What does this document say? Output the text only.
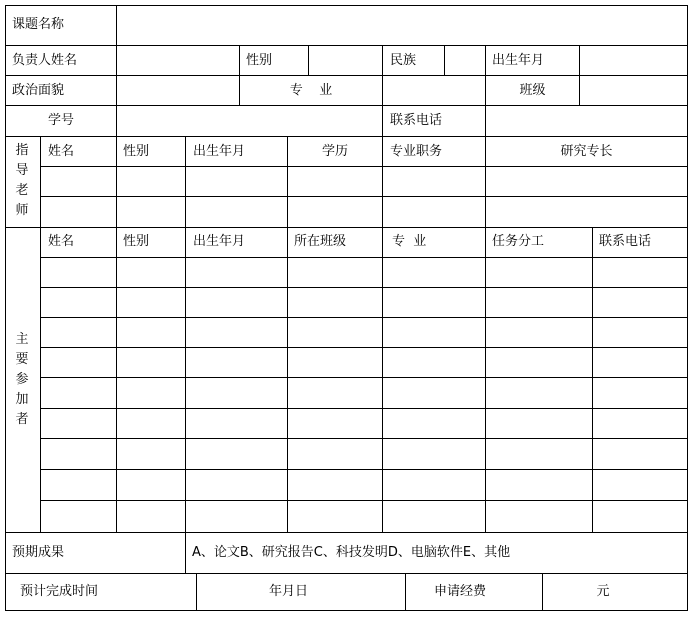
课题名称
负责人姓名	性别	民族	出生年月
政治面貌	专    业	班级
学号	联系电话
指导老师
姓名	性别	出生年月	学历	专业职务	研究专长
主要参加者
姓名	性别	出生年月	所在班级	专  业	任务分工	联系电话
预期成果	A、论文B、研究报告C、科技发明D、电脑软件E、其他
预计完成时间	年月日	申请经费	元
